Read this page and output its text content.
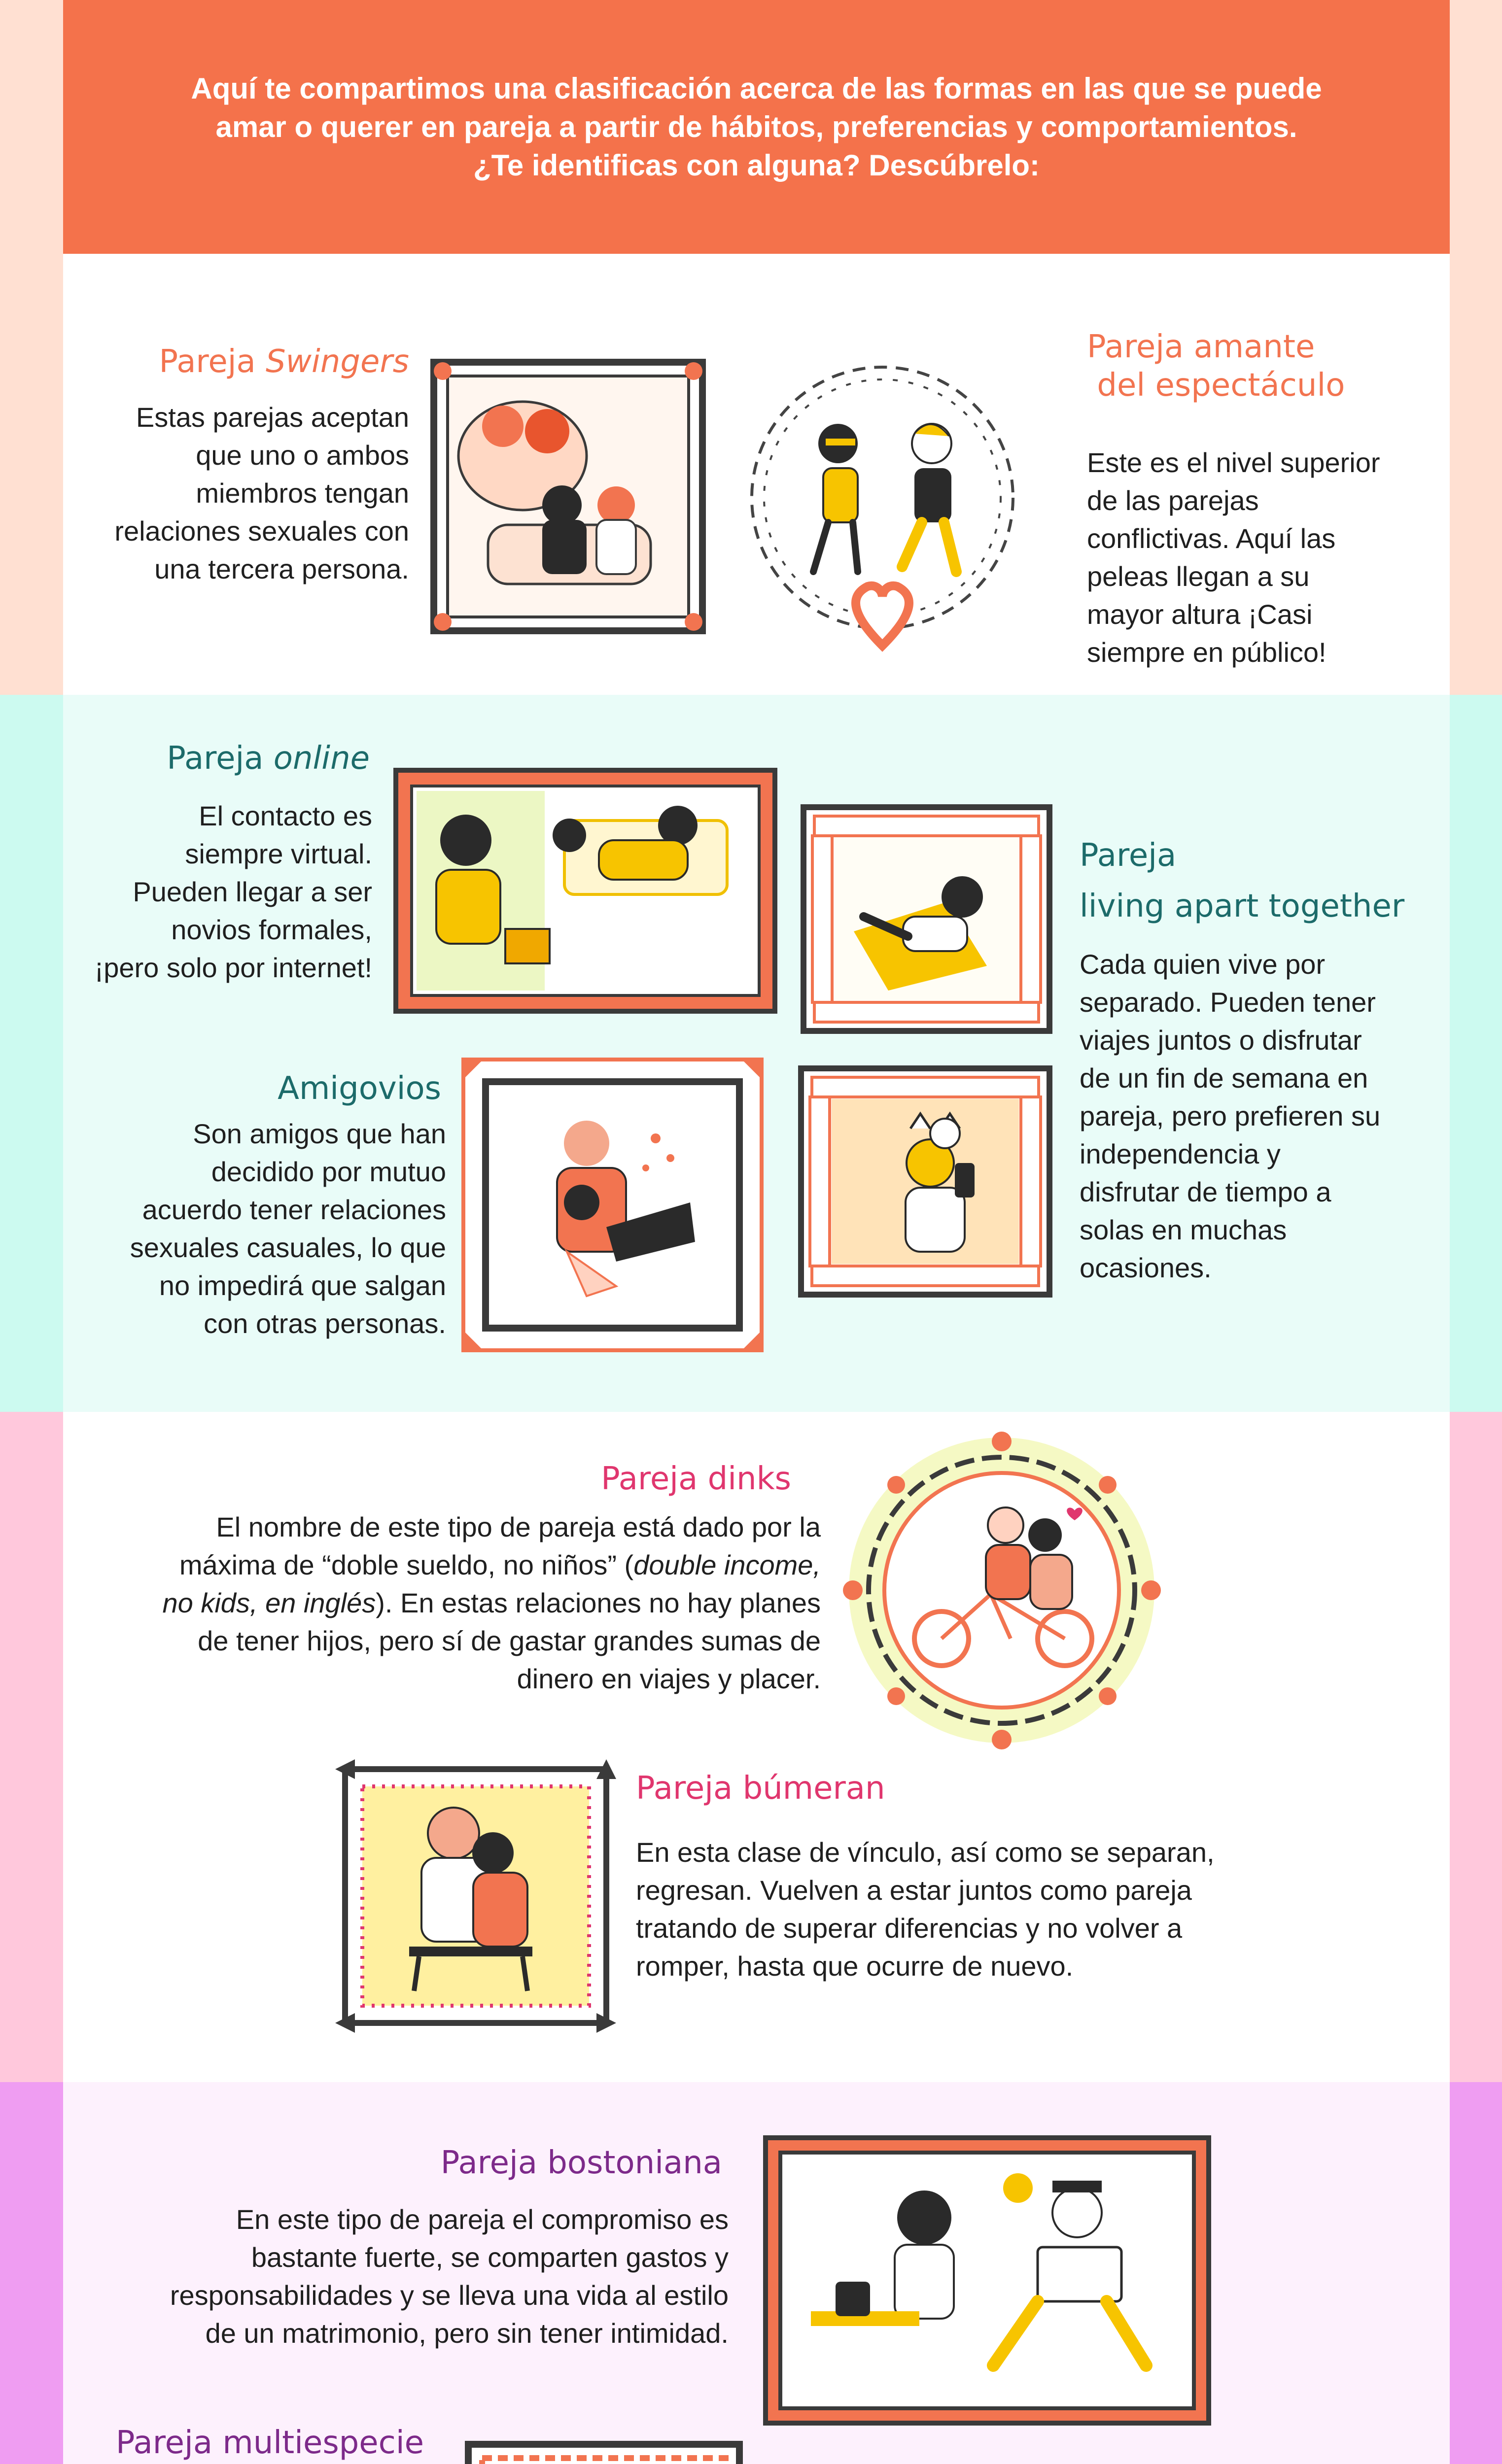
Aquí te compartimos una clasificación acerca de las formas en las que se puede
amar o querer en pareja a partir de hábitos, preferencias y comportamientos.
¿Te identificas con alguna? Descúbrelo:
Pareja Swingers
Estas parejas aceptan
que uno o ambos
miembros tengan
relaciones sexuales con
una tercera persona.
Pareja amante
del espectáculo
Este es el nivel superior
de las parejas
conflictivas. Aquí las
peleas llegan a su
mayor altura ¡Casi
siempre en público!
Pareja online
El contacto es
siempre virtual.
Pueden llegar a ser
novios formales,
¡pero solo por internet!
Pareja
living apart together
Cada quien vive por
separado. Pueden tener
viajes juntos o disfrutar
de un fin de semana en
pareja, pero prefieren su
independencia y
disfrutar de tiempo a
solas en muchas
ocasiones.
Amigovios
Son amigos que han
decidido por mutuo
acuerdo tener relaciones
sexuales casuales, lo que
no impedirá que salgan
con otras personas.
Pareja dinks
El nombre de este tipo de pareja está dado por la
máxima de “doble sueldo, no niños” (double income,
no kids, en inglés). En estas relaciones no hay planes
de tener hijos, pero sí de gastar grandes sumas de
dinero en viajes y placer.
Pareja búmeran
En esta clase de vínculo, así como se separan,
regresan. Vuelven a estar juntos como pareja
tratando de superar diferencias y no volver a
romper, hasta que ocurre de nuevo.
Pareja bostoniana
En este tipo de pareja el compromiso es
bastante fuerte, se comparten gastos y
responsabilidades y se lleva una vida al estilo
de un matrimonio, pero sin tener intimidad.
Pareja multiespecie
